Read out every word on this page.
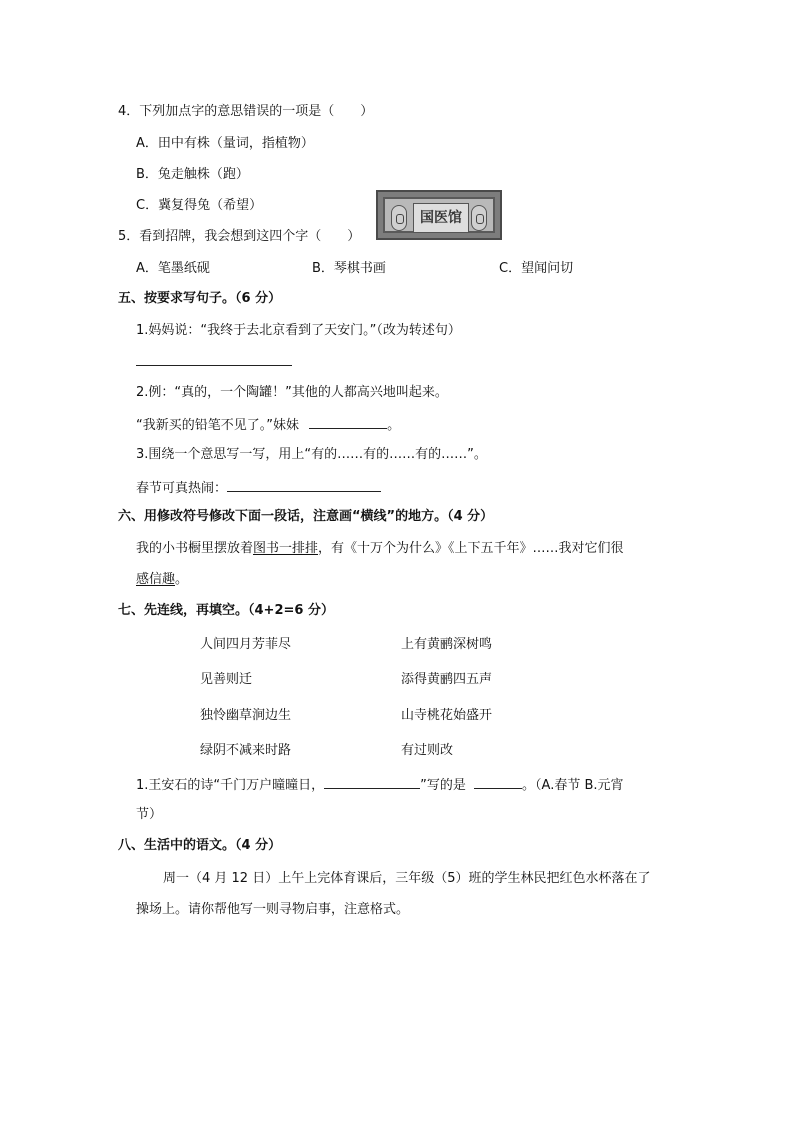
4．下列加点字的意思错误的一项是（　　）
A．田中有株（量词，指植物）
B．兔走触株（跑）
C．冀复得兔（希望）
国医馆
5．看到招牌，我会想到这四个字（　　）
A．笔墨纸砚	B．琴棋书画	C．望闻问切
五、按要求写句子。（6 分）
1.妈妈说：“我终于去北京看到了天安门。”（改为转述句）
2.例：“真的，一个陶罐！”其他的人都高兴地叫起来。
“我新买的铅笔不见了。”妹妹	。
3.围绕一个意思写一写，用上“有的……有的……有的……”。
春节可真热闹：
六、用修改符号修改下面一段话，注意画“横线”的地方。（4 分）
我的小书橱里摆放着图书一排排，有《十万个为什么》《上下五千年》……我对它们很
感信趣。
七、先连线，再填空。（4+2=6 分）
人间四月芳菲尽
见善则迁
独怜幽草涧边生
绿阴不减来时路
上有黄鹂深树鸣
添得黄鹂四五声
山寺桃花始盛开
有过则改
1.王安石的诗“千门万户曈曈日，	”写的是	。（A.春节 B.元宵
节）
八、生活中的语文。（4 分）
周一（4 月 12 日）上午上完体育课后，三年级（5）班的学生林民把红色水杯落在了
操场上。请你帮他写一则寻物启事，注意格式。
